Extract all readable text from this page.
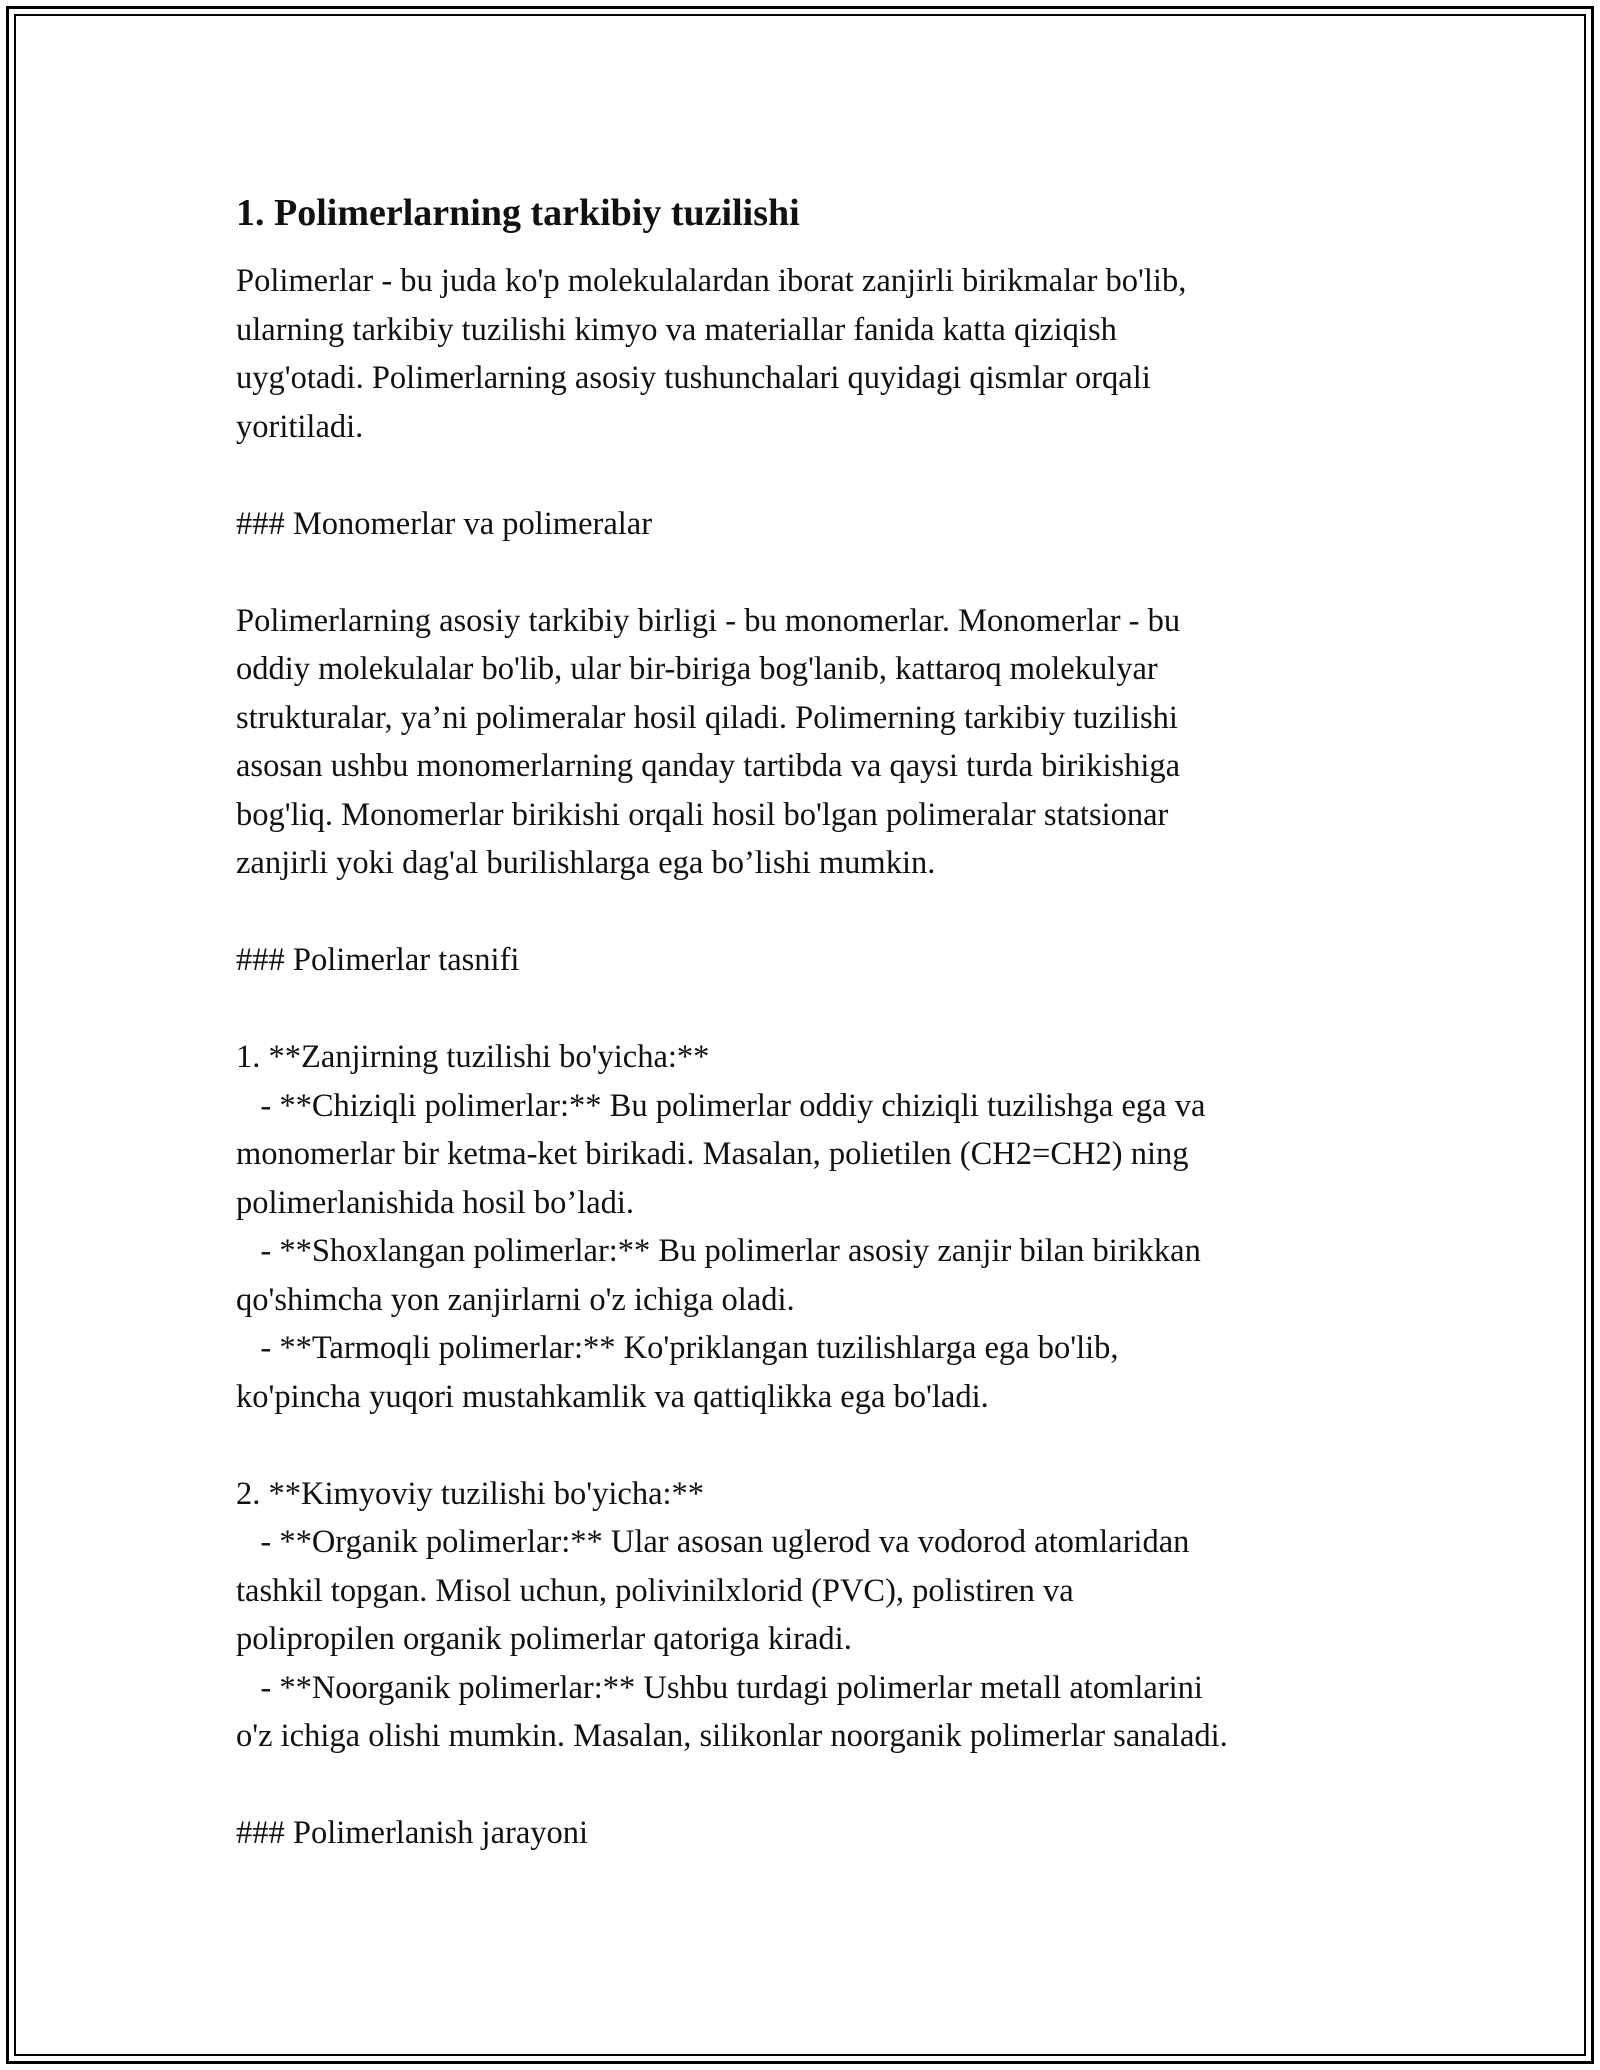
1. Polimerlarning tarkibiy tuzilishi

Polimerlar - bu juda ko'p molekulalardan iborat zanjirli birikmalar bo'lib,
ularning tarkibiy tuzilishi kimyo va materiallar fanida katta qiziqish
uyg'otadi. Polimerlarning asosiy tushunchalari quyidagi qismlar orqali
yoritiladi.

### Monomerlar va polimeralar

Polimerlarning asosiy tarkibiy birligi - bu monomerlar. Monomerlar - bu
oddiy molekulalar bo'lib, ular bir-biriga bog'lanib, kattaroq molekulyar
strukturalar, ya’ni polimeralar hosil qiladi. Polimerning tarkibiy tuzilishi
asosan ushbu monomerlarning qanday tartibda va qaysi turda birikishiga
bog'liq. Monomerlar birikishi orqali hosil bo'lgan polimeralar statsionar
zanjirli yoki dag'al burilishlarga ega bo’lishi mumkin.

### Polimerlar tasnifi

1. **Zanjirning tuzilishi bo'yicha:**
- **Chiziqli polimerlar:** Bu polimerlar oddiy chiziqli tuzilishga ega va
monomerlar bir ketma-ket birikadi. Masalan, polietilen (CH2=CH2) ning
polimerlanishida hosil bo’ladi.
- **Shoxlangan polimerlar:** Bu polimerlar asosiy zanjir bilan birikkan
qo'shimcha yon zanjirlarni o'z ichiga oladi.
- **Tarmoqli polimerlar:** Ko'priklangan tuzilishlarga ega bo'lib,
ko'pincha yuqori mustahkamlik va qattiqlikka ega bo'ladi.

2. **Kimyoviy tuzilishi bo'yicha:**
- **Organik polimerlar:** Ular asosan uglerod va vodorod atomlaridan
tashkil topgan. Misol uchun, polivinilxlorid (PVC), polistiren va
polipropilen organik polimerlar qatoriga kiradi.
- **Noorganik polimerlar:** Ushbu turdagi polimerlar metall atomlarini
o'z ichiga olishi mumkin. Masalan, silikonlar noorganik polimerlar sanaladi.

### Polimerlanish jarayoni
